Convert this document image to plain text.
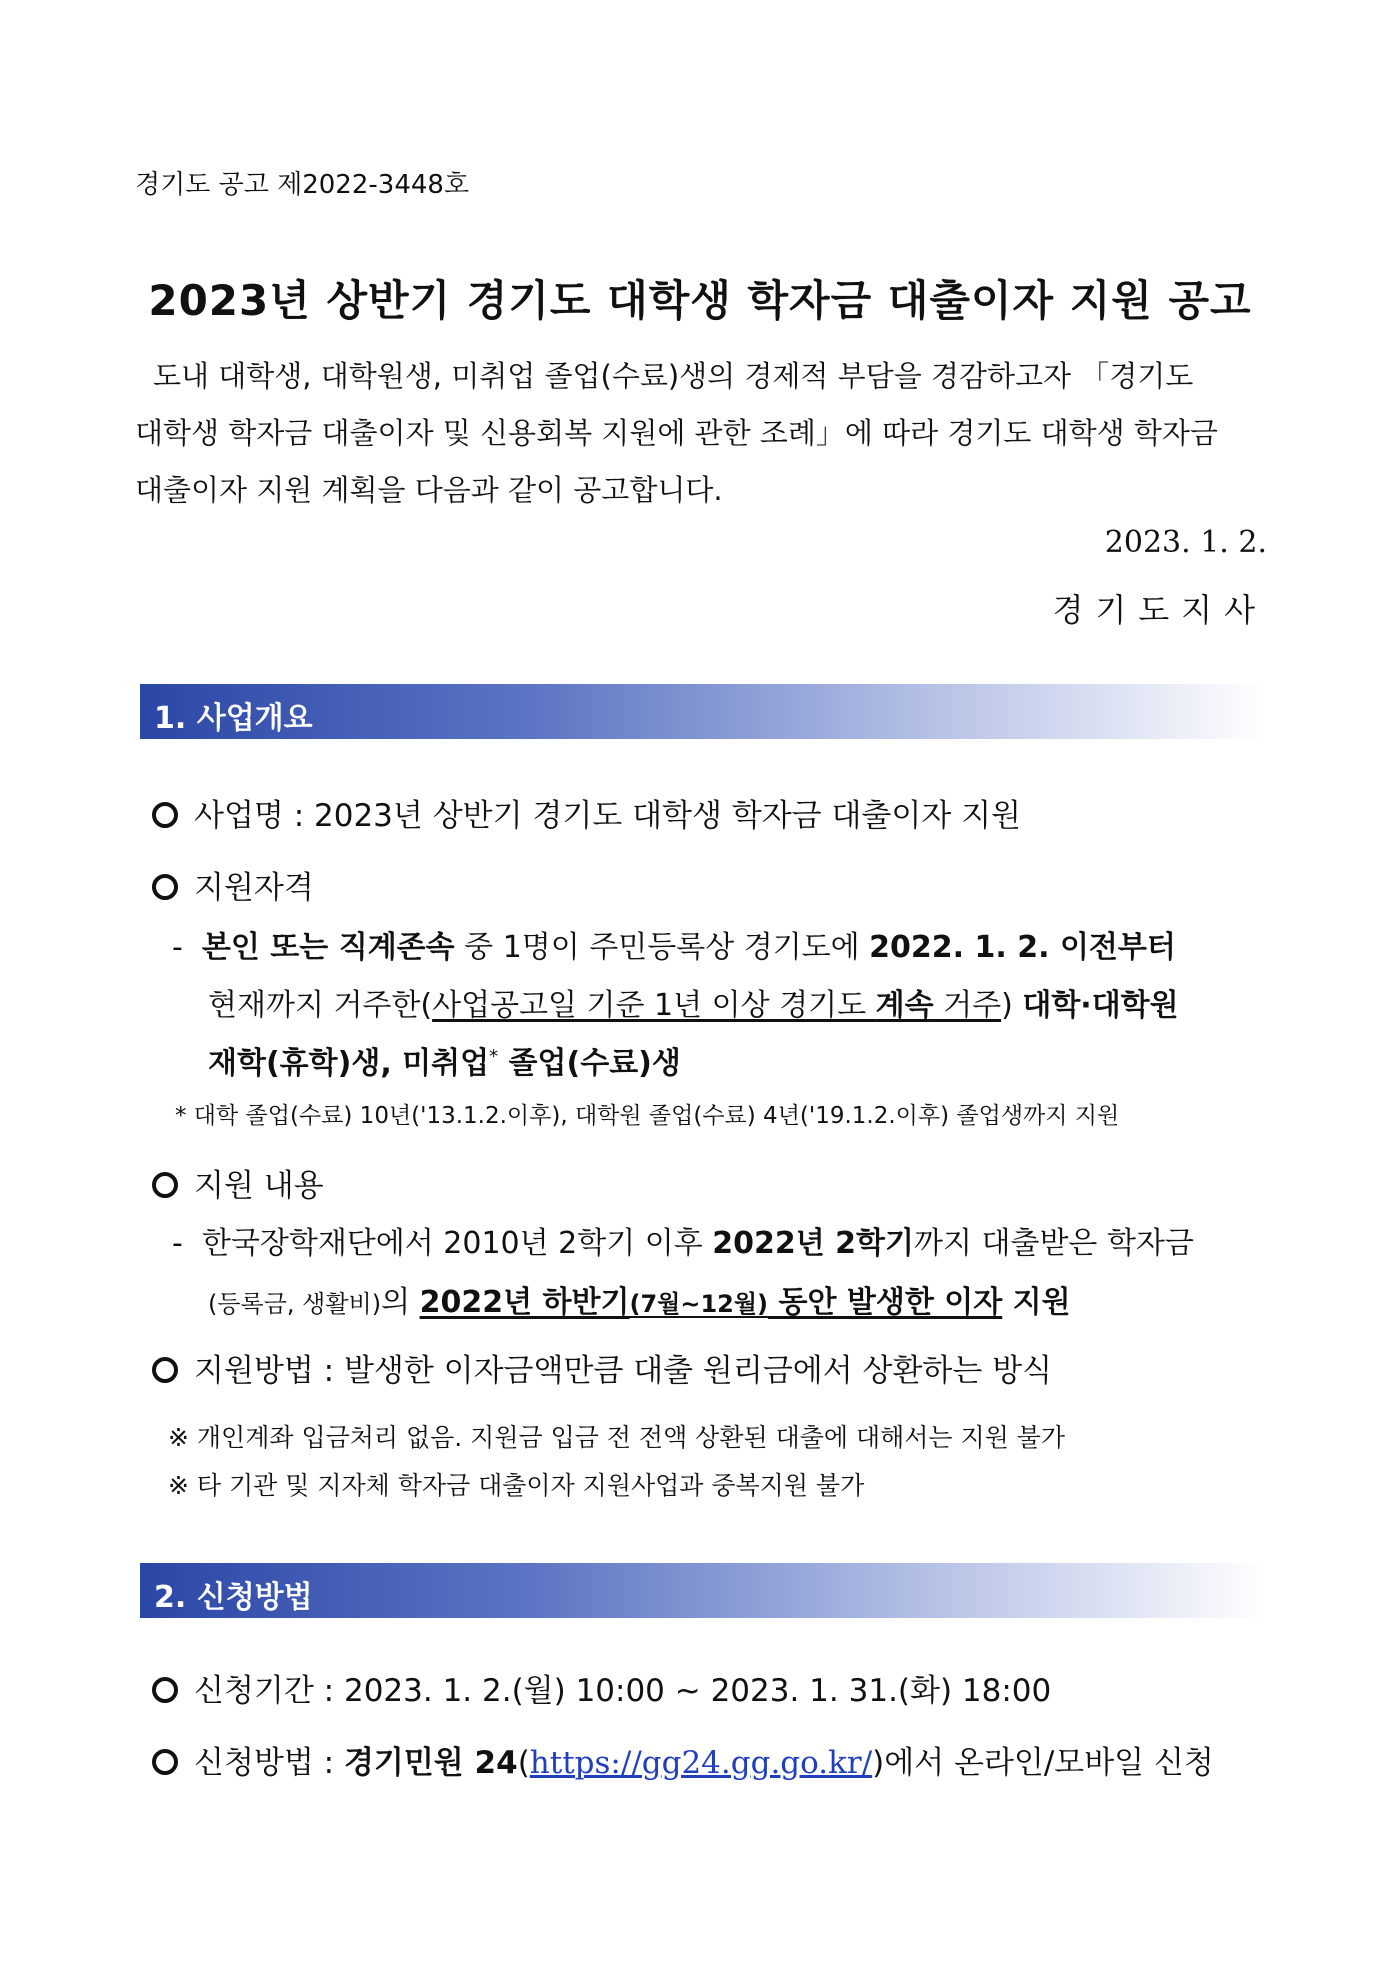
경기도 공고 제2022-3448호
2023년 상반기 경기도 대학생 학자금 대출이자 지원 공고
도내 대학생, 대학원생, 미취업 졸업(수료)생의 경제적 부담을 경감하고자 「경기도
대학생 학자금 대출이자 및 신용회복 지원에 관한 조례」에 따라 경기도 대학생 학자금
대출이자 지원 계획을 다음과 같이 공고합니다.
2023. 1. 2.
경기도지사
1. 사업개요
사업명 : 2023년 상반기 경기도 대학생 학자금 대출이자 지원
지원자격
- 본인 또는 직계존속 중 1명이 주민등록상 경기도에 2022. 1. 2. 이전부터
현재까지 거주한(사업공고일 기준 1년 이상 경기도 계속 거주) 대학·대학원
재학(휴학)생, 미취업* 졸업(수료)생
* 대학 졸업(수료) 10년('13.1.2.이후), 대학원 졸업(수료) 4년('19.1.2.이후) 졸업생까지 지원
지원 내용
- 한국장학재단에서 2010년 2학기 이후 2022년 2학기까지 대출받은 학자금
(등록금, 생활비)의 2022년 하반기(7월~12월) 동안 발생한 이자 지원
지원방법 : 발생한 이자금액만큼 대출 원리금에서 상환하는 방식
※ 개인계좌 입금처리 없음. 지원금 입금 전 전액 상환된 대출에 대해서는 지원 불가
※ 타 기관 및 지자체 학자금 대출이자 지원사업과 중복지원 불가
2. 신청방법
신청기간 : 2023. 1. 2.(월) 10:00 ~ 2023. 1. 31.(화) 18:00
신청방법 : 경기민원 24(https://gg24.gg.go.kr/)에서 온라인/모바일 신청
